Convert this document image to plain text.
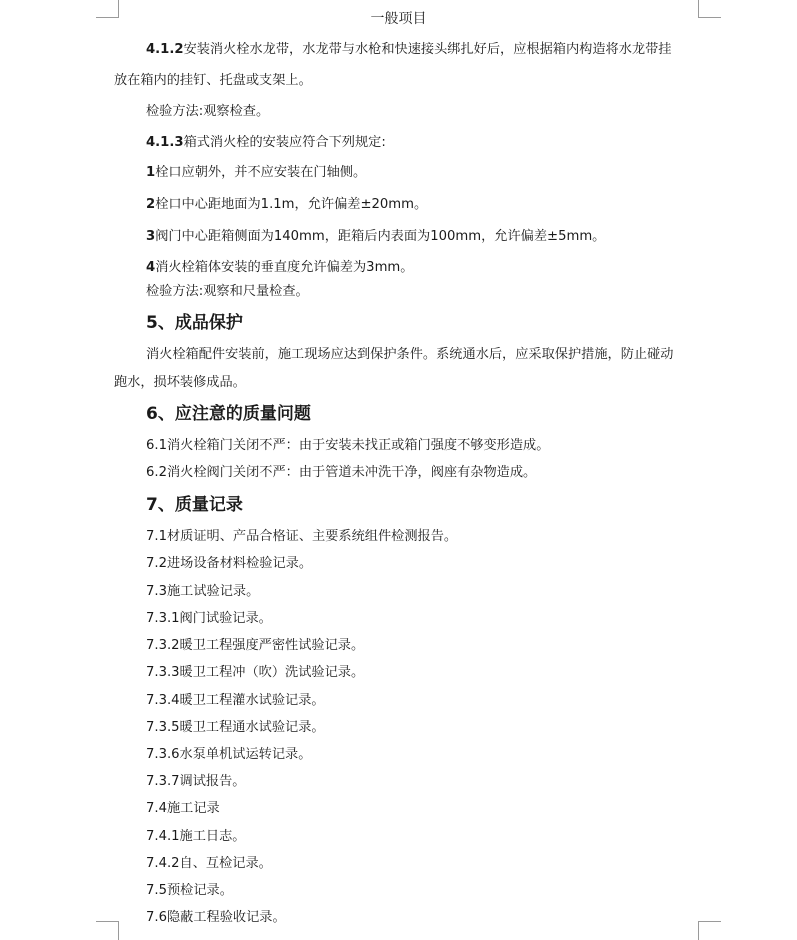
一般项目
4.1.2安装消火栓水龙带，水龙带与水枪和快速接头绑扎好后，应根据箱内构造将水龙带挂
放在箱内的挂钉、托盘或支架上。
检验方法:观察检查。
4.1.3箱式消火栓的安装应符合下列规定:
1栓口应朝外，并不应安装在门轴侧。
2栓口中心距地面为1.1m，允许偏差±20mm。
3阀门中心距箱侧面为140mm，距箱后内表面为100mm，允许偏差±5mm。
4消火栓箱体安装的垂直度允许偏差为3mm。
检验方法:观察和尺量检查。
5、成品保护
消火栓箱配件安装前，施工现场应达到保护条件。系统通水后，应采取保护措施，防止碰动
跑水，损坏装修成品。
6、应注意的质量问题
6.1消火栓箱门关闭不严：由于安装未找正或箱门强度不够变形造成。
6.2消火栓阀门关闭不严：由于管道未冲洗干净，阀座有杂物造成。
7、质量记录
7.1材质证明、产品合格证、主要系统组件检测报告。
7.2进场设备材料检验记录。
7.3施工试验记录。
7.3.1阀门试验记录。
7.3.2暖卫工程强度严密性试验记录。
7.3.3暖卫工程冲（吹）洗试验记录。
7.3.4暖卫工程灌水试验记录。
7.3.5暖卫工程通水试验记录。
7.3.6水泵单机试运转记录。
7.3.7调试报告。
7.4施工记录
7.4.1施工日志。
7.4.2自、互检记录。
7.5预检记录。
7.6隐蔽工程验收记录。
